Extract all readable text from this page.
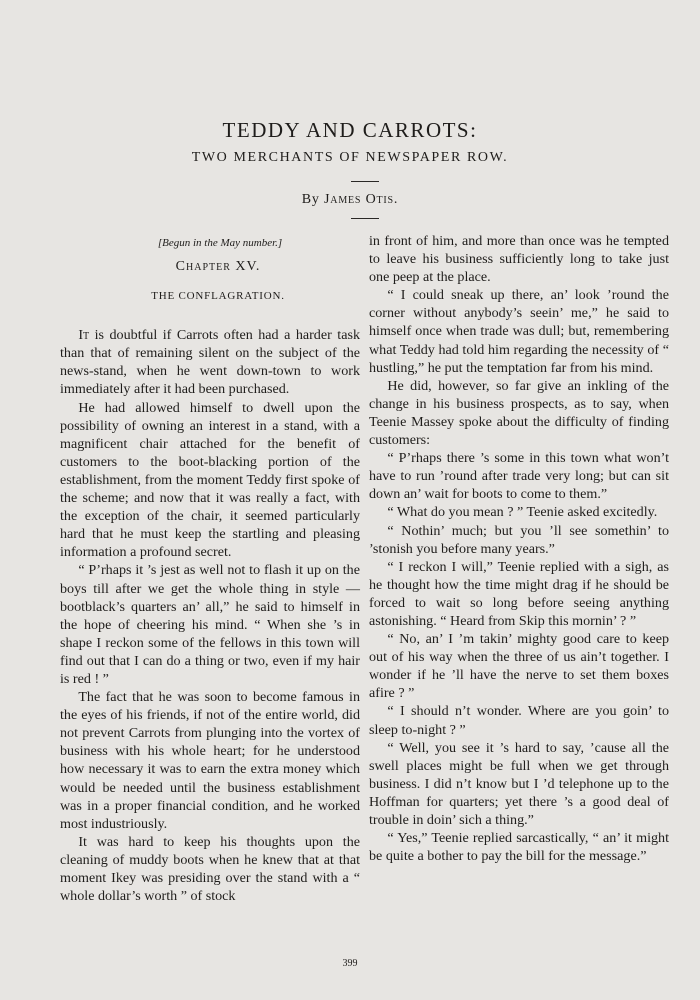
TEDDY AND CARROTS:
TWO MERCHANTS OF NEWSPAPER ROW.
By James Otis.
[Begun in the May number.]
Chapter XV.
THE CONFLAGRATION.

It is doubtful if Carrots often had a harder task than that of remaining silent on the subject of the news-stand, when he went down-town to work immediately after it had been purchased.

He had allowed himself to dwell upon the possibility of owning an interest in a stand, with a magnificent chair attached for the benefit of customers to the boot-blacking portion of the establishment, from the moment Teddy first spoke of the scheme; and now that it was really a fact, with the exception of the chair, it seemed particularly hard that he must keep the startling and pleasing information a profound secret.

“ P’rhaps it ’s jest as well not to flash it up on the boys till after we get the whole thing in style — bootblack’s quarters an’ all,” he said to himself in the hope of cheering his mind. “ When she ’s in shape I reckon some of the fellows in this town will find out that I can do a thing or two, even if my hair is red ! ”

The fact that he was soon to become famous in the eyes of his friends, if not of the entire world, did not prevent Carrots from plunging into the vortex of business with his whole heart; for he understood how necessary it was to earn the extra money which would be needed until the business establishment was in a proper financial condition, and he worked most industriously.

It was hard to keep his thoughts upon the cleaning of muddy boots when he knew that at that moment Ikey was presiding over the stand with a “ whole dollar’s worth ” of stock

in front of him, and more than once was he tempted to leave his business sufficiently long to take just one peep at the place.

“ I could sneak up there, an’ look ’round the corner without anybody’s seein’ me,” he said to himself once when trade was dull; but, remembering what Teddy had told him regarding the necessity of “ hustling,” he put the temptation far from his mind.

He did, however, so far give an inkling of the change in his business prospects, as to say, when Teenie Massey spoke about the difficulty of finding customers:

“ P’rhaps there ’s some in this town what won’t have to run ’round after trade very long; but can sit down an’ wait for boots to come to them.”

“ What do you mean ? ” Teenie asked excitedly.

“ Nothin’ much; but you ’ll see somethin’ to ’stonish you before many years.”

“ I reckon I will,” Teenie replied with a sigh, as he thought how the time might drag if he should be forced to wait so long before seeing anything astonishing. “ Heard from Skip this mornin’ ? ”

“ No, an’ I ’m takin’ mighty good care to keep out of his way when the three of us ain’t together. I wonder if he ’ll have the nerve to set them boxes afire ? ”

“ I should n’t wonder. Where are you goin’ to sleep to-night ? ”

“ Well, you see it ’s hard to say, ’cause all the swell places might be full when we get through business. I did n’t know but I ’d telephone up to the Hoffman for quarters; yet there ’s a good deal of trouble in doin’ sich a thing.”

“ Yes,” Teenie replied sarcastically, “ an’ it might be quite a bother to pay the bill for the message.”

399
